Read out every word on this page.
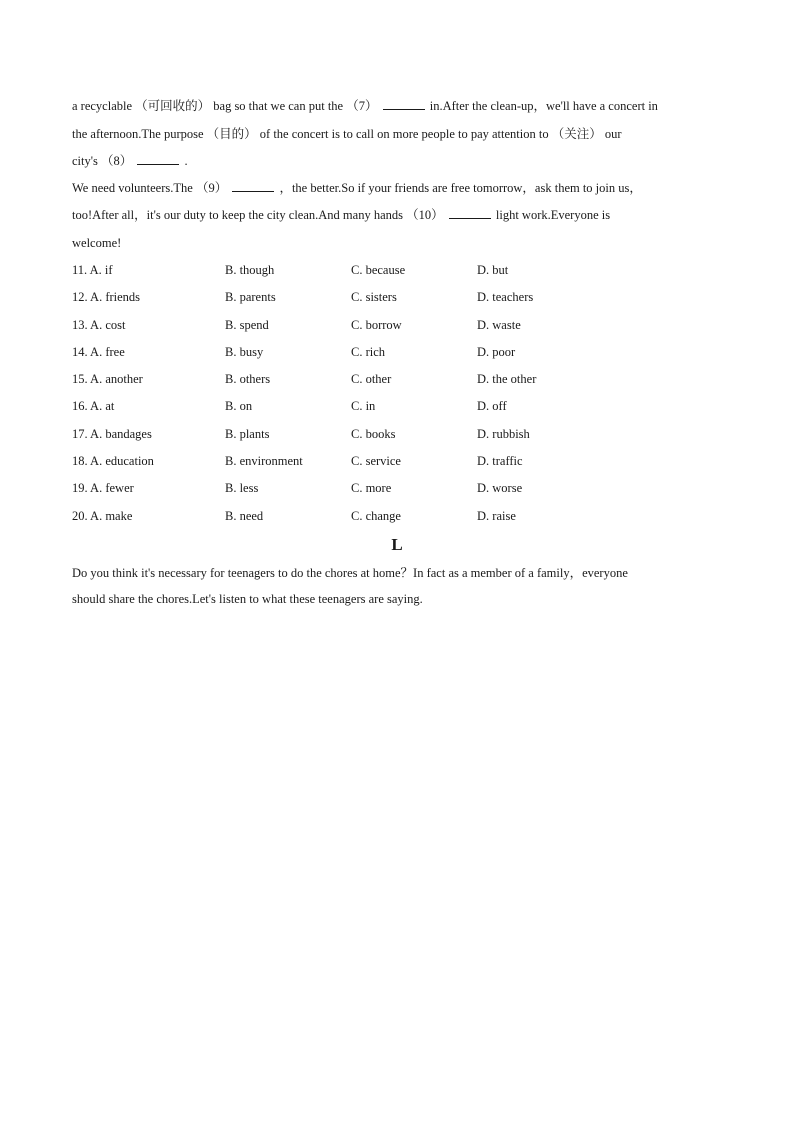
a recyclable （可回收的） bag so that we can put the （7）	in.After the clean-up，we'll have a concert in
the afternoon.The purpose （目的） of the concert is to call on more people to pay attention to （关注） our
city's （8）	.

We need volunteers.The （9）	，the better.So if your friends are free tomorrow，ask them to join us，
too!After all，it's our duty to keep the city clean.And many hands （10）	light work.Everyone is
welcome!

11. A. if	B. though	C. because	D. but
12. A. friends	B. parents	C. sisters	D. teachers
13. A. cost	B. spend	C. borrow	D. waste
14. A. free	B. busy	C. rich	D. poor
15. A. another	B. others	C. other	D. the other
16. A. at	B. on	C. in	D. off
17. A. bandages	B. plants	C. books	D. rubbish
18. A. education	B. environment	C. service	D. traffic
19. A. fewer	B. less	C. more	D. worse
20. A. make	B. need	C. change	D. raise
L

Do you think it's necessary for teenagers to do the chores at home？In fact as a member of a family，everyone
should share the chores.Let's listen to what these teenagers are saying.
